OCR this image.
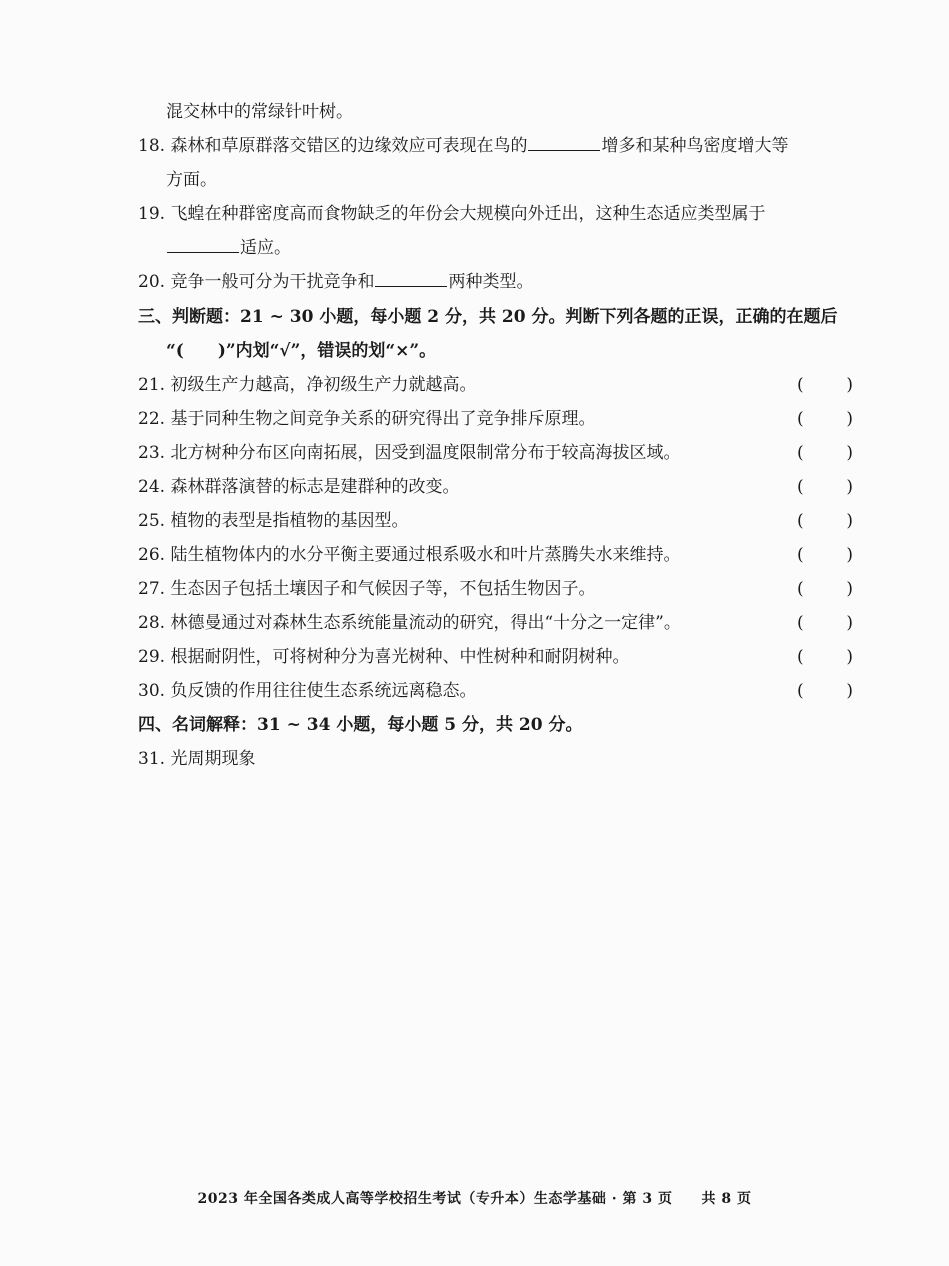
混交林中的常绿针叶树。
18. 森林和草原群落交错区的边缘效应可表现在鸟的	增多和某种鸟密度增大等
方面。
19. 飞蝗在种群密度高而食物缺乏的年份会大规模向外迁出，这种生态适应类型属于
适应。
20. 竞争一般可分为干扰竞争和	两种类型。
三、判断题：21 ~ 30 小题，每小题 2 分，共 20 分。判断下列各题的正误，正确的在题后
“(　　)”内划“√”，错误的划“×”。
21. 初级生产力越高，净初级生产力就越高。	(	)
22. 基于同种生物之间竞争关系的研究得出了竞争排斥原理。	(	)
23. 北方树种分布区向南拓展，因受到温度限制常分布于较高海拔区域。	(	)
24. 森林群落演替的标志是建群种的改变。	(	)
25. 植物的表型是指植物的基因型。	(	)
26. 陆生植物体内的水分平衡主要通过根系吸水和叶片蒸腾失水来维持。	(	)
27. 生态因子包括土壤因子和气候因子等，不包括生物因子。	(	)
28. 林德曼通过对森林生态系统能量流动的研究，得出“十分之一定律”。	(	)
29. 根据耐阴性，可将树种分为喜光树种、中性树种和耐阴树种。	(	)
30. 负反馈的作用往往使生态系统远离稳态。	(	)
四、名词解释：31 ~ 34 小题，每小题 5 分，共 20 分。
31. 光周期现象
2023 年全国各类成人高等学校招生考试（专升本）生态学基础 · 第 3 页　　共 8 页
